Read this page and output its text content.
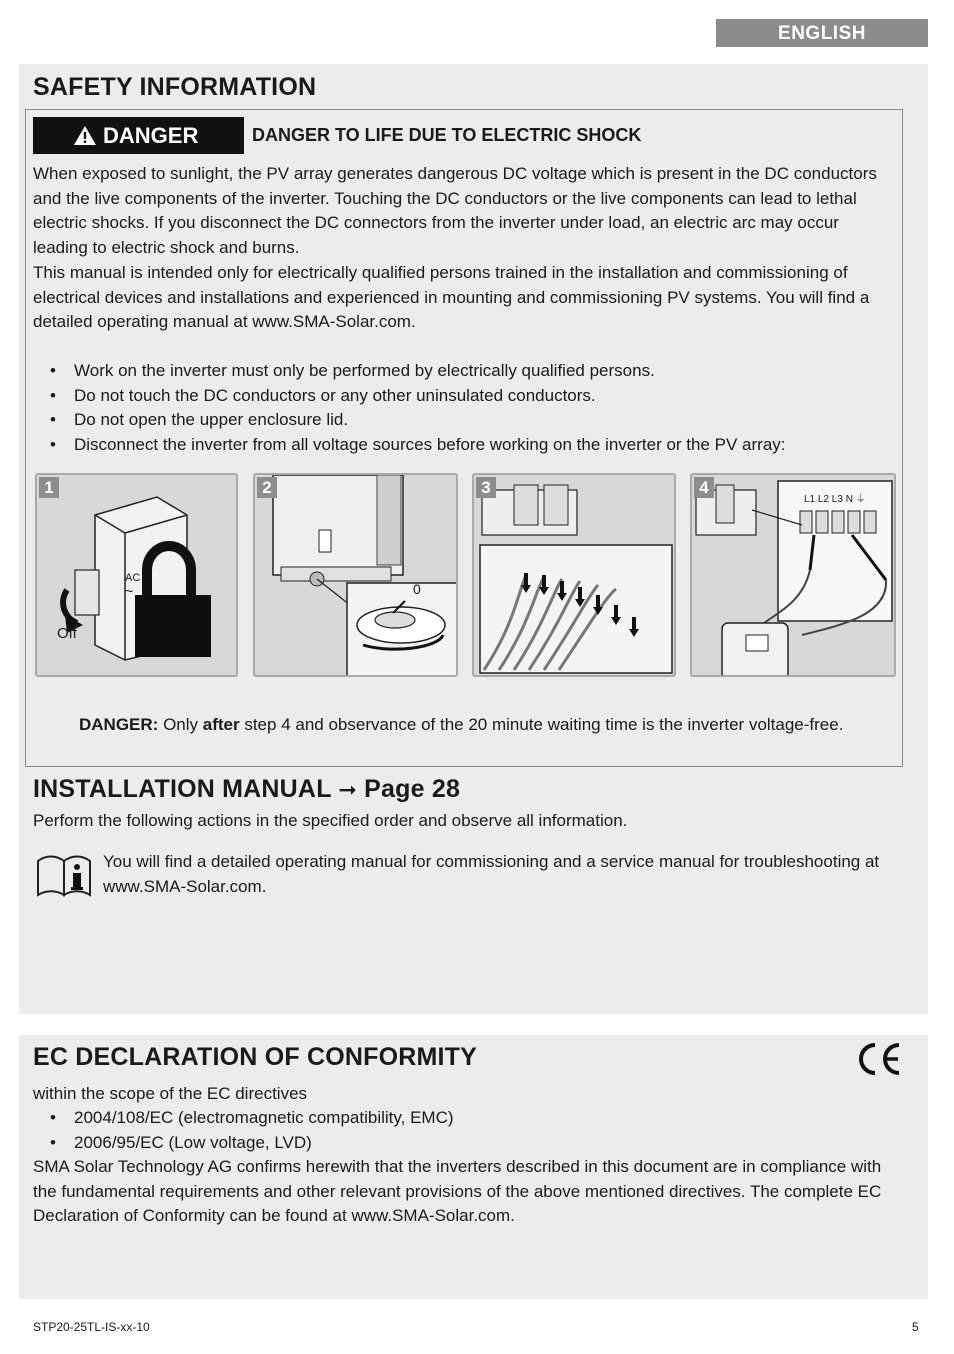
ENGLISH
SAFETY INFORMATION
DANGER	DANGER TO LIFE DUE TO ELECTRIC SHOCK
When exposed to sunlight, the PV array generates dangerous DC voltage which is present in the DC conductors and the live components of the inverter. Touching the DC conductors or the live components can lead to lethal electric shocks. If you disconnect the DC connectors from the inverter under load, an electric arc may occur leading to electric shock and burns.
This manual is intended only for electrically qualified persons trained in the installation and commissioning of electrical devices and installations and experienced in mounting and commissioning PV systems. You will find a detailed operating manual at www.SMA-Solar.com.
• Work on the inverter must only be performed by electrically qualified persons.
• Do not touch the DC conductors or any other uninsulated conductors.
• Do not open the upper enclosure lid.
• Disconnect the inverter from all voltage sources before working on the inverter or the PV array:
AC
~
Off
1
0
2	3
L1 L2 L3 N ⏚
4
DANGER: Only after step 4 and observance of the 20 minute waiting time is the inverter voltage-free.
INSTALLATION MANUAL ➞ Page 28
Perform the following actions in the specified order and observe all information.
You will find a detailed operating manual for commissioning and a service manual for troubleshooting at www.SMA-Solar.com.
EC DECLARATION OF CONFORMITY
within the scope of the EC directives
• 2004/108/EC (electromagnetic compatibility, EMC)
• 2006/95/EC (Low voltage, LVD)
SMA Solar Technology AG confirms herewith that the inverters described in this document are in compliance with the fundamental requirements and other relevant provisions of the above mentioned directives. The complete EC Declaration of Conformity can be found at www.SMA-Solar.com.
STP20-25TL-IS-xx-10	5
